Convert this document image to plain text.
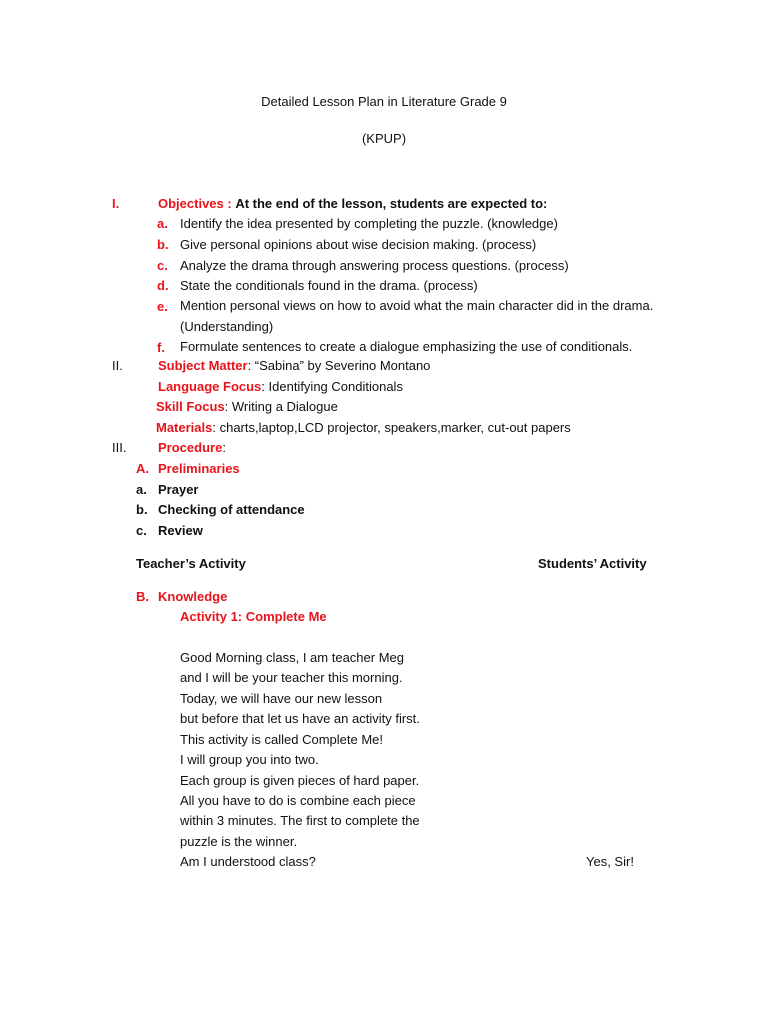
Detailed Lesson Plan in Literature Grade 9
(KPUP)
I.	Objectives : At the end of the lesson, students are expected to:
a. Identify the idea presented by completing the puzzle. (knowledge)
b. Give personal opinions about wise decision making. (process)
c. Analyze the drama through answering process questions. (process)
d. State the conditionals found in the drama. (process)
e. Mention personal views on how to avoid what the main character did in the drama.
(Understanding)
f. Formulate sentences to create a dialogue emphasizing the use of conditionals.
II.	Subject Matter: “Sabina” by Severino Montano
Language Focus: Identifying Conditionals
Skill Focus: Writing a Dialogue
Materials: charts,laptop,LCD projector, speakers,marker, cut-out papers
III. Procedure:
A. Preliminaries
a. Prayer
b. Checking of attendance
c. Review
Teacher’s Activity	Students’ Activity
B. Knowledge
Activity 1: Complete Me
Good Morning class, I am teacher Meg
and I will be your teacher this morning.
Today, we will have our new lesson
but before that let us have an activity first.
This activity is called Complete Me!
I will group you into two.
Each group is given pieces of hard paper.
All you have to do is combine each piece
within 3 minutes. The first to complete the
puzzle is the winner.
Am I understood class?	Yes, Sir!
